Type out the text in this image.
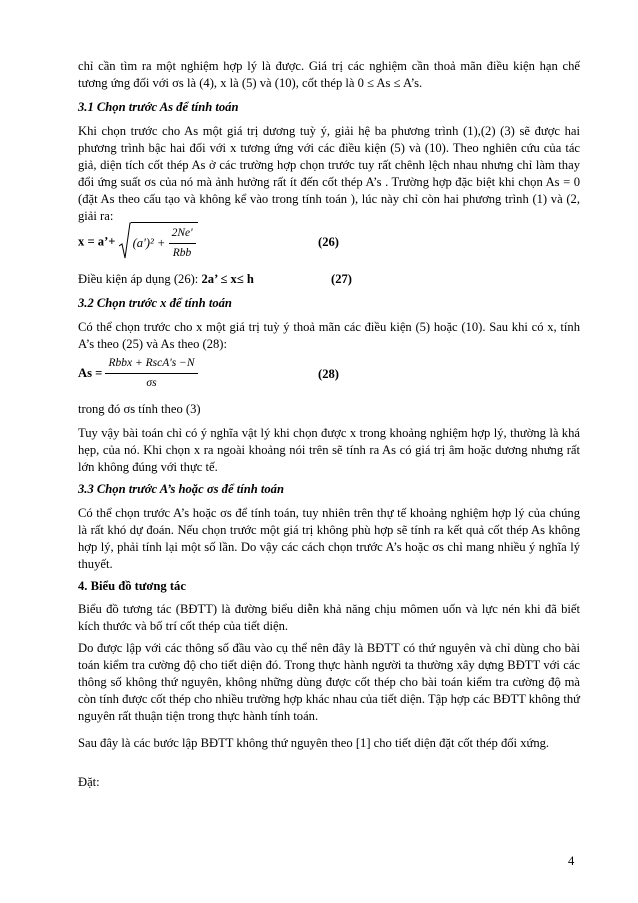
chỉ cần tìm ra một nghiệm hợp lý là được. Giá trị các nghiệm cần thoả mãn điều kiện hạn chế tương ứng đối với σs là (4), x là (5) và (10), cốt thép là 0 ≤ As ≤ A’s.

3.1 Chọn trước As để tính toán

Khi chọn trước cho As một giá trị dương tuỳ ý, giải hệ ba phương trình (1),(2) (3) sẽ được hai phương trình bậc hai đối với x tương ứng với các điều kiện (5) và (10). Theo nghiên cứu của tác giả, diện tích cốt thép As ở các trường hợp chọn trước tuy rất chênh lệch nhau nhưng chỉ làm thay đổi ứng suất σs của nó mà ảnh hưởng rất ít đến cốt thép A’s . Trường hợp đặc biệt khi chọn As = 0 (đặt As theo cấu tạo và không kể vào trong tính toán ), lúc này chỉ còn hai phương trình (1) và (2, giải ra:

x = a’+ $(a')^2 + \frac{2Ne'}{\text{Rbb}}$	(26)
Điều kiện áp dụng (26): 2a’ ≤ x≤ h	(27)

3.2 Chọn trước x để tính toán

Có thể chọn trước cho x một giá trị tuỳ ý thoả mãn các điều kiện (5) hoặc (10). Sau khi có x, tính A’s theo (25) và As theo (28):

$As = \frac{\text{Rbbx + RscA's −N}}{\sigma s}$	(28)

trong đó σs tính theo (3)

Tuy vậy bài toán chỉ có ý nghĩa vật lý khi chọn được x trong khoảng nghiệm hợp lý, thường là khá hẹp, của nó. Khi chọn x ra ngoài khoảng nói trên sẽ tính ra As có giá trị âm hoặc dương nhưng rất lớn không đúng với thực tế.

3.3 Chọn trước A’s hoặc σs để tính toán

Có thể chọn trước A’s hoặc σs để tính toán, tuy nhiên trên thự tế khoảng nghiệm hợp lý của chúng là rất khó dự đoán. Nếu chọn trước một giá trị không phù hợp sẽ tính ra kết quả cốt thép As không hợp lý, phải tính lại một số lần. Do vậy các cách chọn trước A’s hoặc σs chỉ mang nhiều ý nghĩa lý thuyết.

4. Biểu đồ tương tác

Biểu đồ tương tác (BĐTT) là đường biểu diễn khả năng chịu mômen uốn và lực nén khi đã biết kích thước và bố trí cốt thép của tiết diện.

Do được lập với các thông số đầu vào cụ thể nên đây là BĐTT có thứ nguyên và chỉ dùng cho bài toán kiểm tra cường độ cho tiết diện đó. Trong thực hành người ta thường xây dựng BĐTT với các thông số không thứ nguyên, không những dùng được cốt thép cho bài toán kiểm tra cường độ mà còn tính được cốt thép cho nhiều trường hợp khác nhau của tiết diện. Tập hợp các BĐTT không thứ nguyên rất thuận tiện trong thực hành tính toán.

Sau đây là các bước lập BĐTT không thứ nguyên theo [1] cho tiết diện đặt cốt thép đối xứng.

Đặt:

4
